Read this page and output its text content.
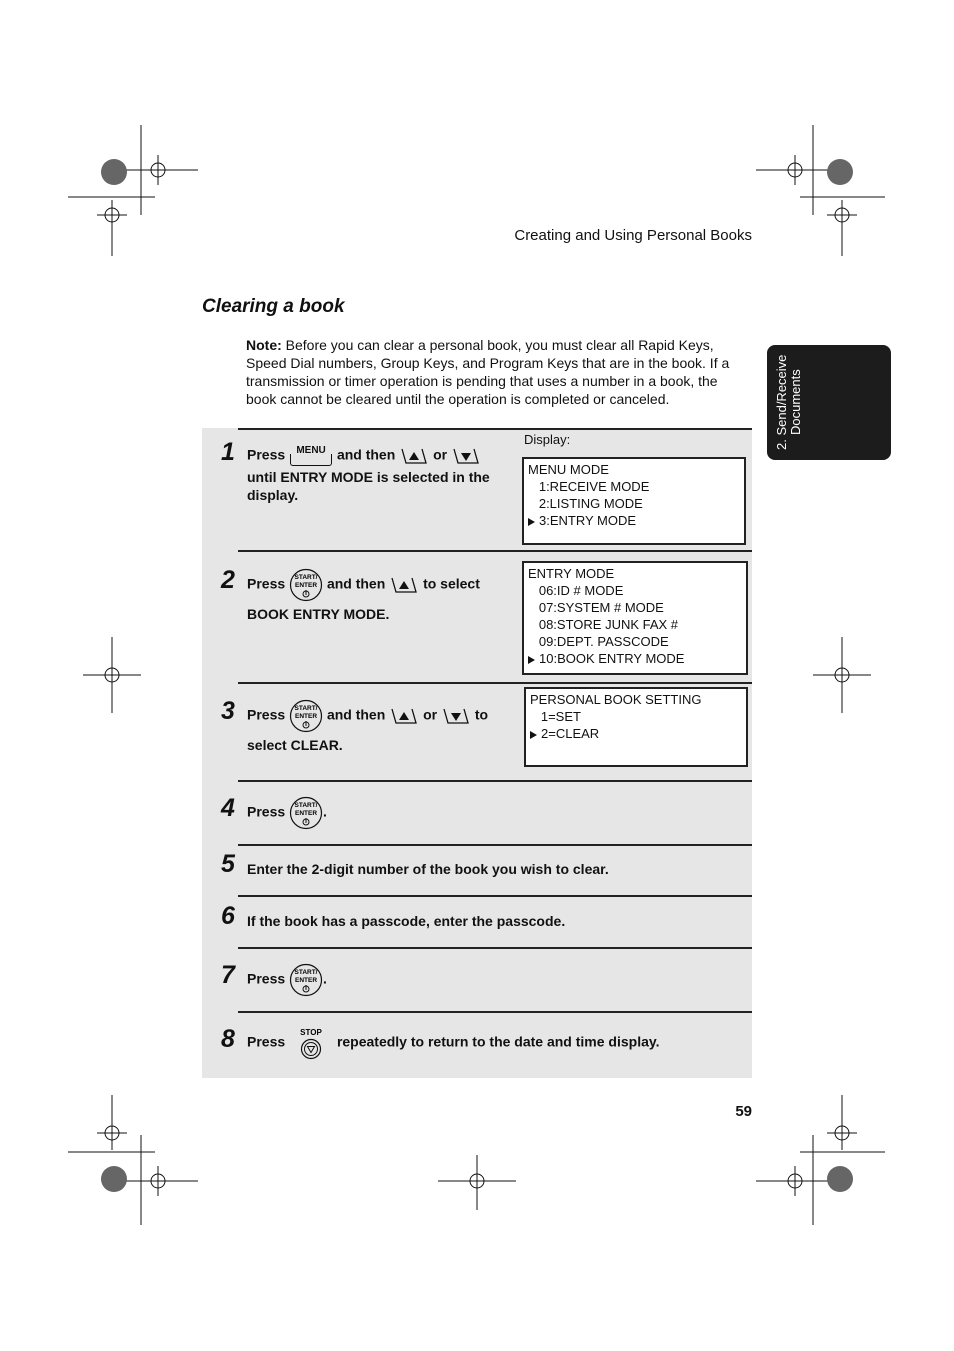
Creating and Using Personal Books
Clearing a book
Note: Before you can clear a personal book, you must clear all Rapid Keys, Speed Dial numbers, Group Keys, and Program Keys that are in the book. If a transmission or timer operation is pending that uses a number in a book, the book cannot be cleared until the operation is completed or canceled.	2. Send/Receive Documents
Display:
1 Press	MENU and then	or
until ENTRY MODE is selected in the display.
MENU MODE
1:RECEIVE MODE
2:LISTING MODE
3:ENTRY MODE
2 Press START/
ENTER and then	to select
BOOK ENTRY MODE.
ENTRY MODE
06:ID # MODE
07:SYSTEM # MODE
08:STORE JUNK FAX #
09:DEPT. PASSCODE
10:BOOK ENTRY MODE
3 Press START/
ENTER and then	or	to
select CLEAR.
PERSONAL BOOK SETTING
1=SET
2=CLEAR
4 Press START/
ENTER .
5 Enter the 2-digit number of the book you wish to clear.
6 If the book has a passcode, enter the passcode.
7 Press START/
ENTER .
8 Press
STOP
repeatedly to return to the date and time display.
59
